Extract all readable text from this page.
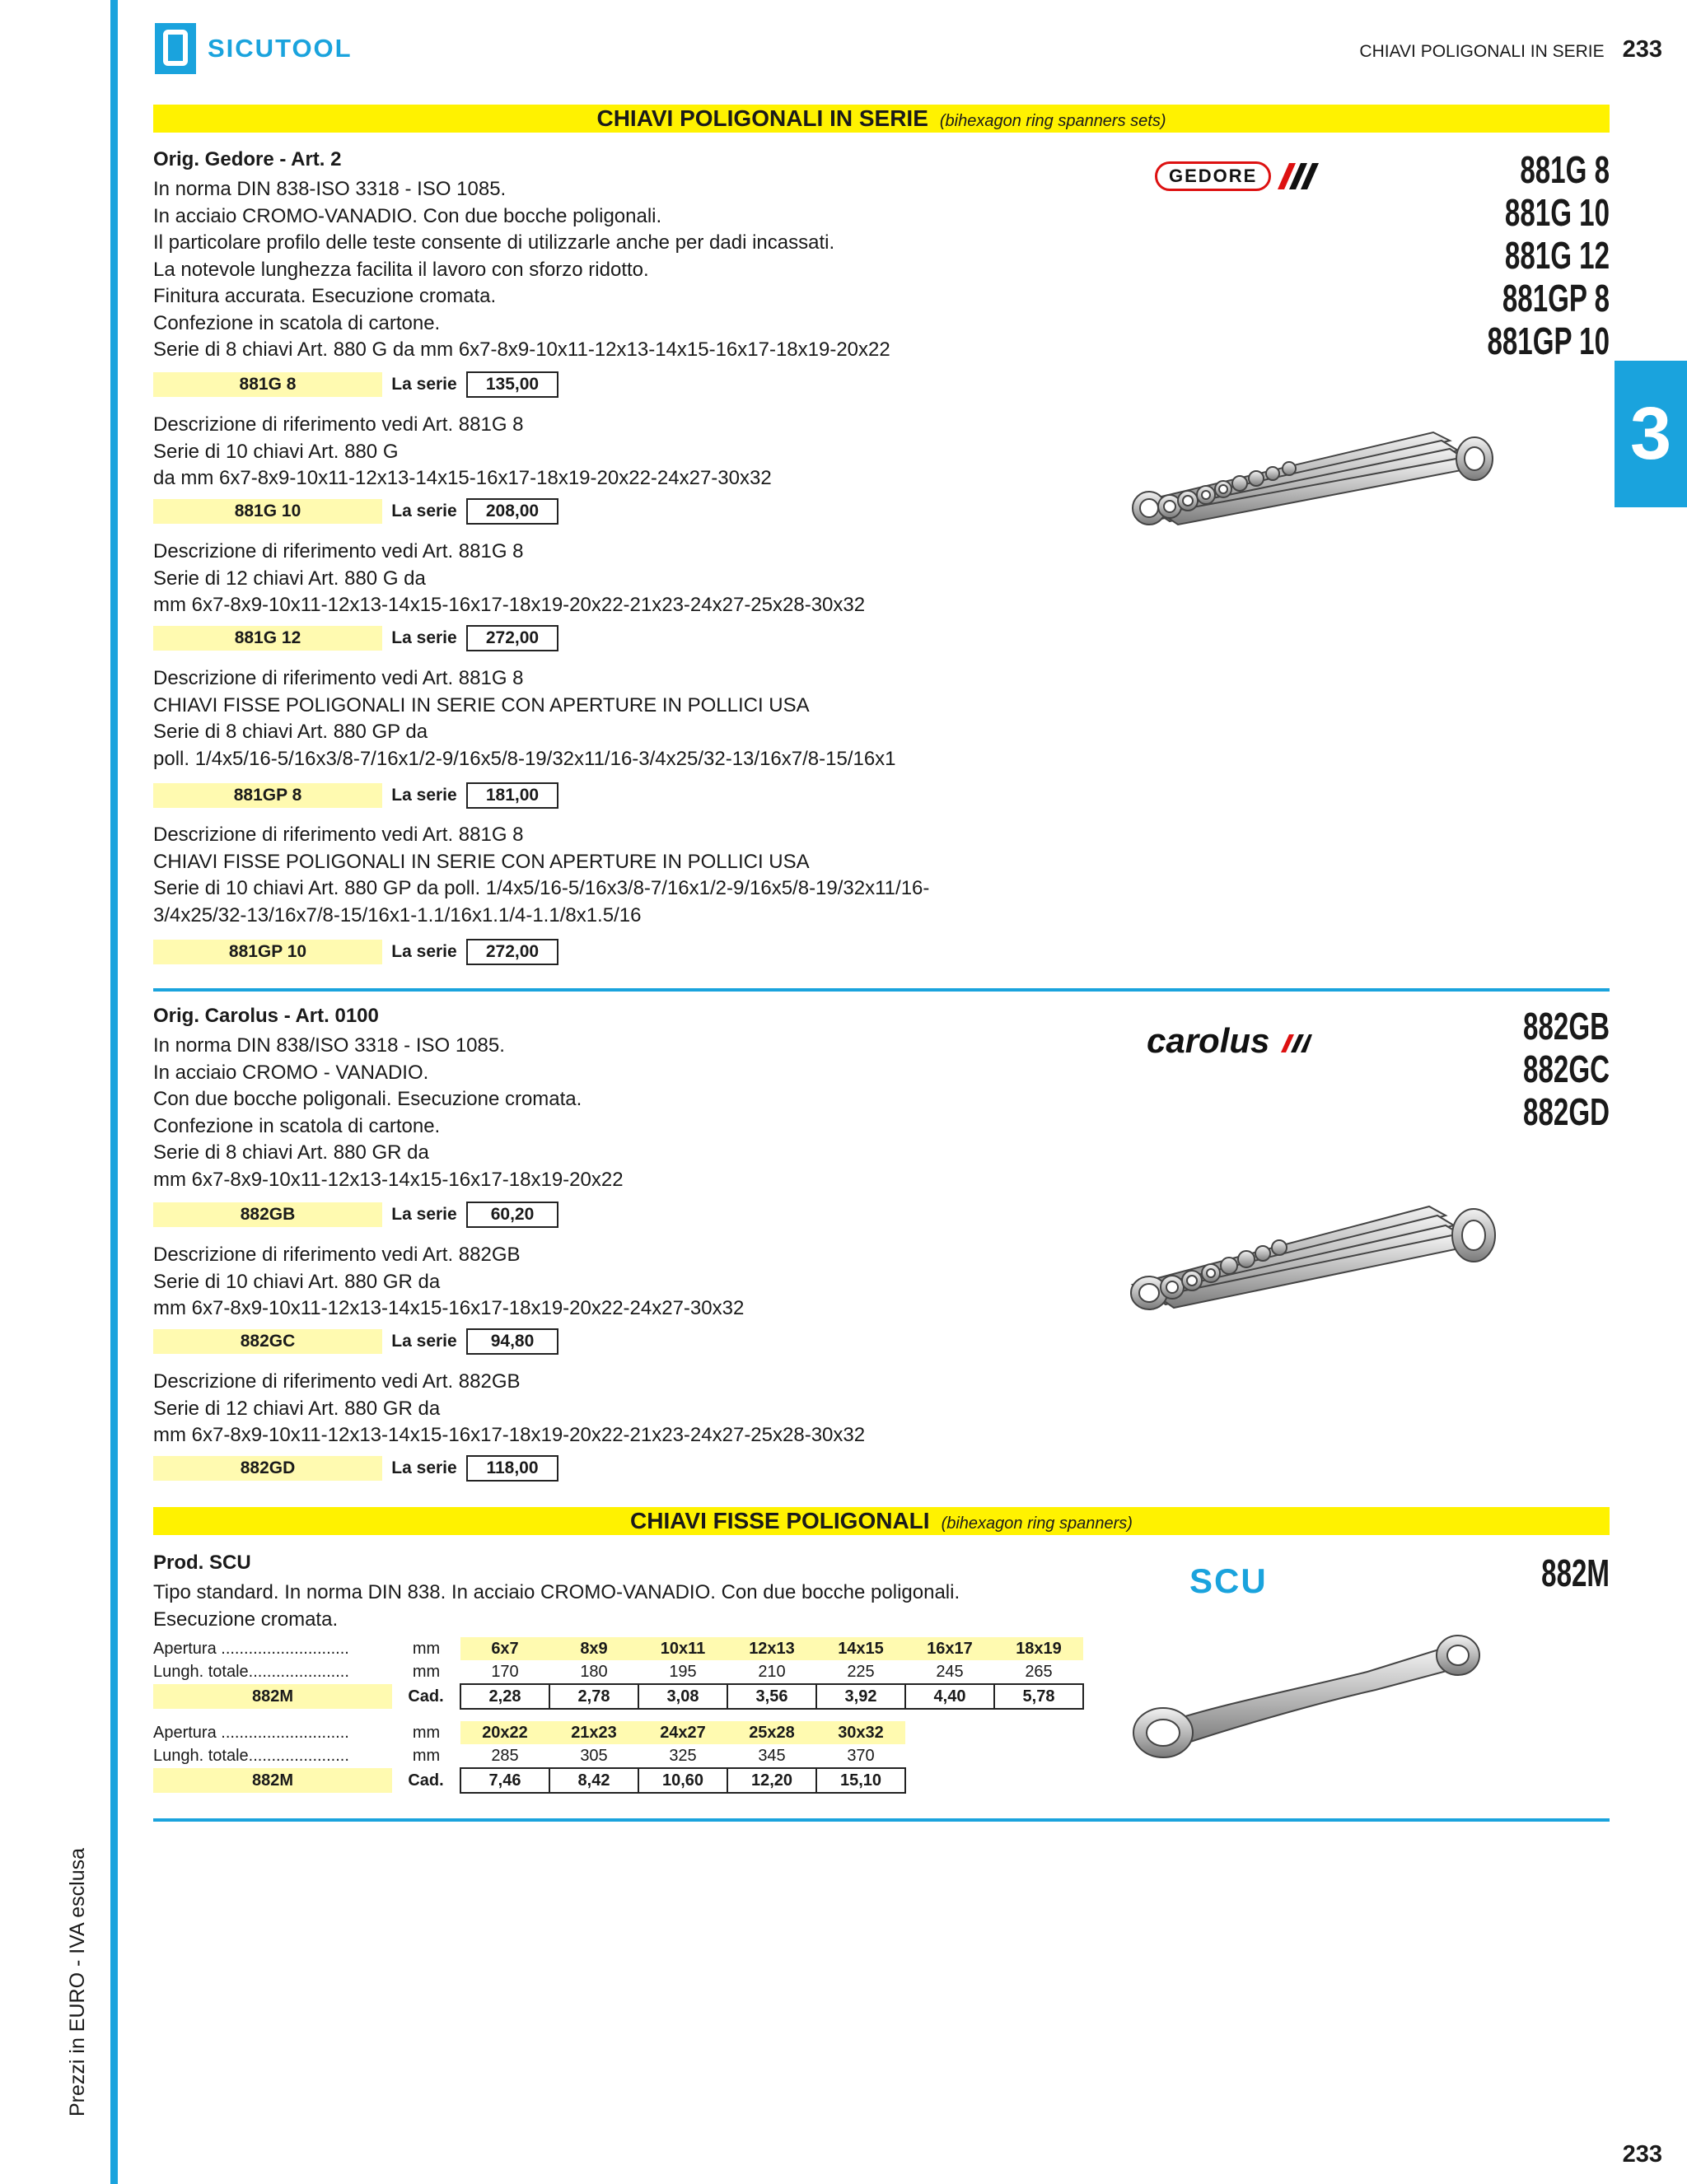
Prezzi in EURO - IVA esclusa
SICUTOOL	CHIAVI POLIGONALI IN SERIE 233
3
CHIAVI POLIGONALI IN SERIE (bihexagon ring spanners sets)
Orig. Gedore - Art. 2
In norma DIN 838-ISO 3318 - ISO 1085.
In acciaio CROMO-VANADIO. Con due bocche poligonali.
Il particolare profilo delle teste consente di utilizzarle anche per dadi incassati.
La notevole lunghezza facilita il lavoro con sforzo ridotto.
Finitura accurata. Esecuzione cromata.
Confezione in scatola di cartone.
Serie di 8 chiavi Art. 880 G da mm 6x7-8x9-10x11-12x13-14x15-16x17-18x19-20x22
881G 8	La serie	135,00
Descrizione di riferimento vedi Art. 881G 8
Serie di 10 chiavi Art. 880 G
da mm 6x7-8x9-10x11-12x13-14x15-16x17-18x19-20x22-24x27-30x32
881G 10	La serie	208,00
Descrizione di riferimento vedi Art. 881G 8
Serie di 12 chiavi Art. 880 G da
mm 6x7-8x9-10x11-12x13-14x15-16x17-18x19-20x22-21x23-24x27-25x28-30x32
881G 12	La serie	272,00
Descrizione di riferimento vedi Art. 881G 8
CHIAVI FISSE POLIGONALI IN SERIE CON APERTURE IN POLLICI USA
Serie di 8 chiavi Art. 880 GP da
poll. 1/4x5/16-5/16x3/8-7/16x1/2-9/16x5/8-19/32x11/16-3/4x25/32-13/16x7/8-15/16x1
881GP 8	La serie	181,00
Descrizione di riferimento vedi Art. 881G 8
CHIAVI FISSE POLIGONALI IN SERIE CON APERTURE IN POLLICI USA
Serie di 10 chiavi Art. 880 GP da poll. 1/4x5/16-5/16x3/8-7/16x1/2-9/16x5/8-19/32x11/16-
3/4x25/32-13/16x7/8-15/16x1-1.1/16x1.1/4-1.1/8x1.5/16
881GP 10	La serie	272,00
GEDORE	881G 8
881G 10
881G 12
881GP 8
881GP 10
Orig. Carolus - Art. 0100
In norma DIN 838/ISO 3318 - ISO 1085.
In acciaio CROMO - VANADIO.
Con due bocche poligonali. Esecuzione cromata.
Confezione in scatola di cartone.
Serie di 8 chiavi Art. 880 GR da
mm 6x7-8x9-10x11-12x13-14x15-16x17-18x19-20x22
882GB	La serie	60,20
Descrizione di riferimento vedi Art. 882GB
Serie di 10 chiavi Art. 880 GR da
mm 6x7-8x9-10x11-12x13-14x15-16x17-18x19-20x22-24x27-30x32
882GC	La serie	94,80
Descrizione di riferimento vedi Art. 882GB
Serie di 12 chiavi Art. 880 GR da
mm 6x7-8x9-10x11-12x13-14x15-16x17-18x19-20x22-21x23-24x27-25x28-30x32
882GD	La serie	118,00
carolus	882GB
882GC
882GD
CHIAVI FISSE POLIGONALI (bihexagon ring spanners)
Prod. SCU
Tipo standard. In norma DIN 838. In acciaio CROMO-VANADIO. Con due bocche poligonali.
Esecuzione cromata.
SCU	882M
Apertura ............................	mm	6x7	8x9	10x11	12x13	14x15	16x17	18x19
Lungh. totale......................	mm	170	180	195	210	225	245	265
882M	Cad.	2,28	2,78	3,08	3,56	3,92	4,40	5,78
Apertura ............................	mm	20x22	21x23	24x27	25x28	30x32
Lungh. totale......................	mm	285	305	325	345	370
882M	Cad.	7,46	8,42	10,60	12,20	15,10
233
